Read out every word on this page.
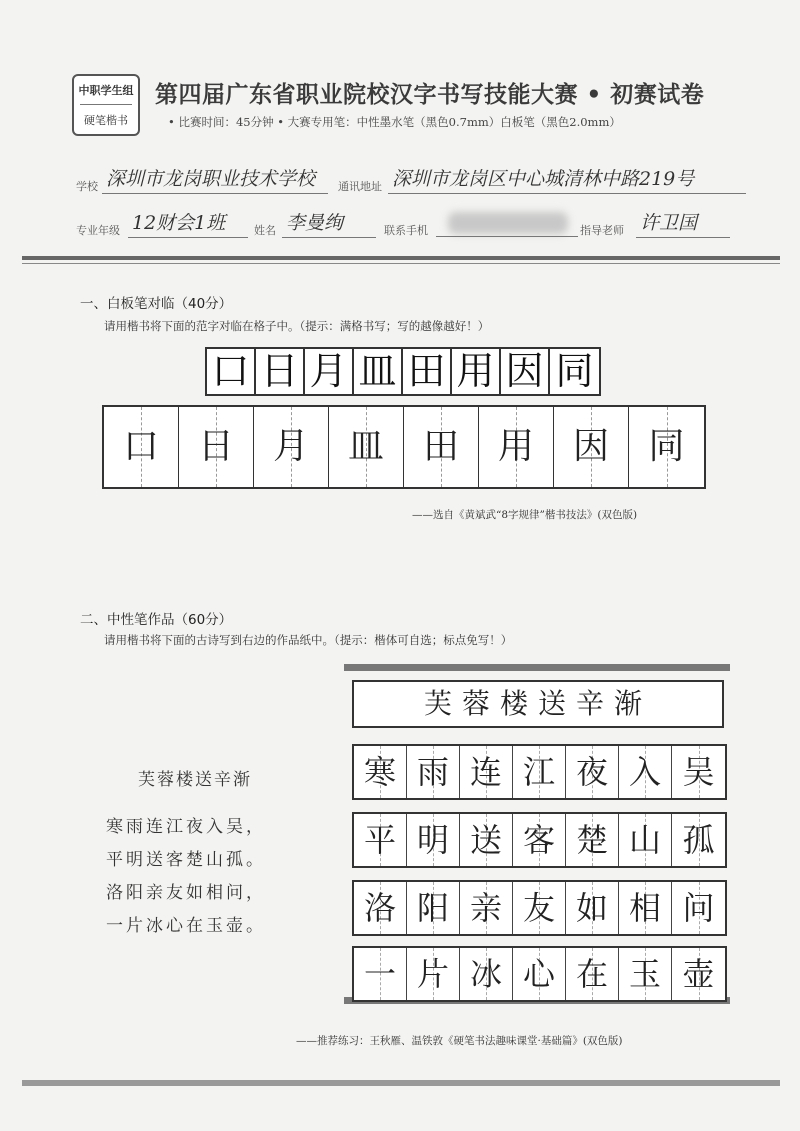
中职学生组
硬笔楷书
第四届广东省职业院校汉字书写技能大赛 • 初赛试卷
• 比赛时间：45分钟 • 大赛专用笔：中性墨水笔（黑色0.7mm）白板笔（黑色2.0mm）
学校 深圳市龙岗职业技术学校	通讯地址 深圳市龙岗区中心城清林中路219号
专业年级 12财会1班	姓名 李曼绚	联系手机	指导老师 许卫国
一、白板笔对临（40分）
请用楷书将下面的范字对临在格子中。（提示：满格书写；写的越像越好！）
口 日 月 皿 田 用 因 同
口	日	月	皿	田	用	因	同
——选自《黄斌武“8字规律”楷书技法》(双色版)
二、中性笔作品（60分）
请用楷书将下面的古诗写到右边的作品纸中。（提示：楷体可自选；标点免写！）
芙蓉楼送辛渐
寒雨连江夜入吴，
平明送客楚山孤。
洛阳亲友如相问，
一片冰心在玉壶。
芙蓉楼送辛渐
寒 雨 连 江 夜 入 吴
平 明 送 客 楚 山 孤
洛 阳 亲 友 如 相 问
一 片 冰 心 在 玉 壶
——推荐练习：王秋雁、温铁敦《硬笔书法趣味课堂·基础篇》(双色版)
